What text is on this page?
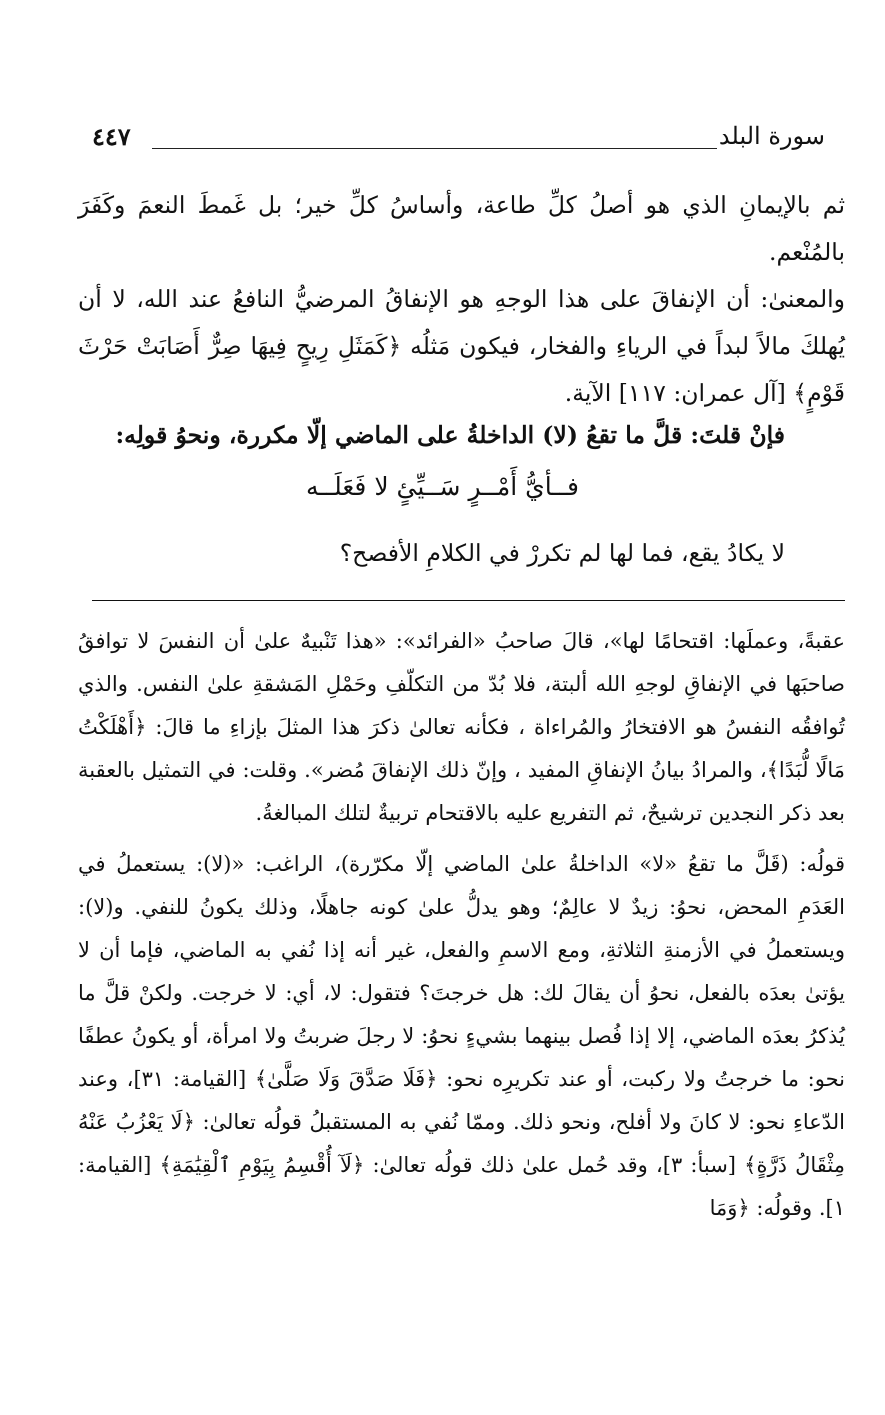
سورة البلد
٤٤٧

ثم بالإيمانِ الذي هو أصلُ كلِّ طاعة، وأساسُ كلِّ خير؛ بل غَمطَ النعمَ وكَفَرَ بالمُنْعم.

والمعنىٰ: أن الإنفاقَ على هذا الوجهِ هو الإنفاقُ المرضيُّ النافعُ عند الله، لا أن يُهلكَ مالاً لبداً في الرياءِ والفخار، فيكون مَثلُه ﴿كَمَثَلِ رِيحٍ فِيهَا صِرٌّ أَصَابَتْ حَرْثَ قَوْمٍ﴾ [آل عمران: ١١٧] الآية.

فإنْ قلتَ: قلَّ ما تقعُ (لا) الداخلةُ على الماضي إلّا مكررة، ونحوُ قولِه:

فــأيُّ أَمْــرٍ سَــيِّئٍ لا فَعَلَــه

لا يكادُ يقع، فما لها لم تكررْ في الكلامِ الأفصح؟

عقبةً، وعملَها: اقتحامًا لها»، قالَ صاحبُ «الفرائد»: «هذا تَنْبيهٌ علىٰ أن النفسَ لا توافقُ صاحبَها في الإنفاقِ لوجهِ الله ألبتة، فلا بُدّ من التكلّفِ وحَمْلِ المَشقةِ علىٰ النفس. والذي تُوافقُه النفسُ هو الافتخارُ والمُراءاة ، فكأنه تعالىٰ ذكرَ هذا المثلَ بإزاءِ ما قالَ: ﴿أَهْلَكْتُ مَالًا لُّبَدًا﴾، والمرادُ بيانُ الإنفاقِ المفيد ، وإنّ ذلك الإنفاقَ مُضر». وقلت: في التمثيل بالعقبة بعد ذكر النجدين ترشيحٌ، ثم التفريع عليه بالاقتحام تربيةٌ لتلك المبالغةُ.

قولُه: (قَلَّ ما تقعُ «لا» الداخلةُ علىٰ الماضي إلّا مكرّرة)، الراغب: «(لا): يستعملُ في العَدَمِ المحض، نحوُ: زيدٌ لا عالِمٌ؛ وهو يدلُّ علىٰ كونه جاهلًا، وذلك يكونُ للنفي. و(لا): ويستعملُ في الأزمنةِ الثلاثةِ، ومع الاسمِ والفعل، غير أنه إذا نُفي به الماضي، فإما أن لا يؤتىٰ بعدَه بالفعل، نحوُ أن يقالَ لك: هل خرجتَ؟ فتقول: لا، أي: لا خرجت. ولكنْ قلَّ ما يُذكرُ بعدَه الماضي، إلا إذا فُصل بينهما بشيءٍ نحوُ: لا رجلَ ضربتُ ولا امرأة، أو يكونُ عطفًا نحو: ما خرجتُ ولا ركبت، أو عند تكريرِه نحو: ﴿فَلَا صَدَّقَ وَلَا صَلَّىٰ﴾ [القيامة: ٣١]، وعند الدّعاءِ نحو: لا كانَ ولا أفلح، ونحو ذلك. وممّا نُفي به المستقبلُ قولُه تعالىٰ: ﴿لَا يَعْزُبُ عَنْهُ مِثْقَالُ ذَرَّةٍ﴾ [سبأ: ٣]، وقد حُمل علىٰ ذلك قولُه تعالىٰ: ﴿لَآ أُقْسِمُ بِيَوْمِ ٱلْقِيَٰمَةِ﴾ [القيامة: ١]. وقولُه: ﴿وَمَا
